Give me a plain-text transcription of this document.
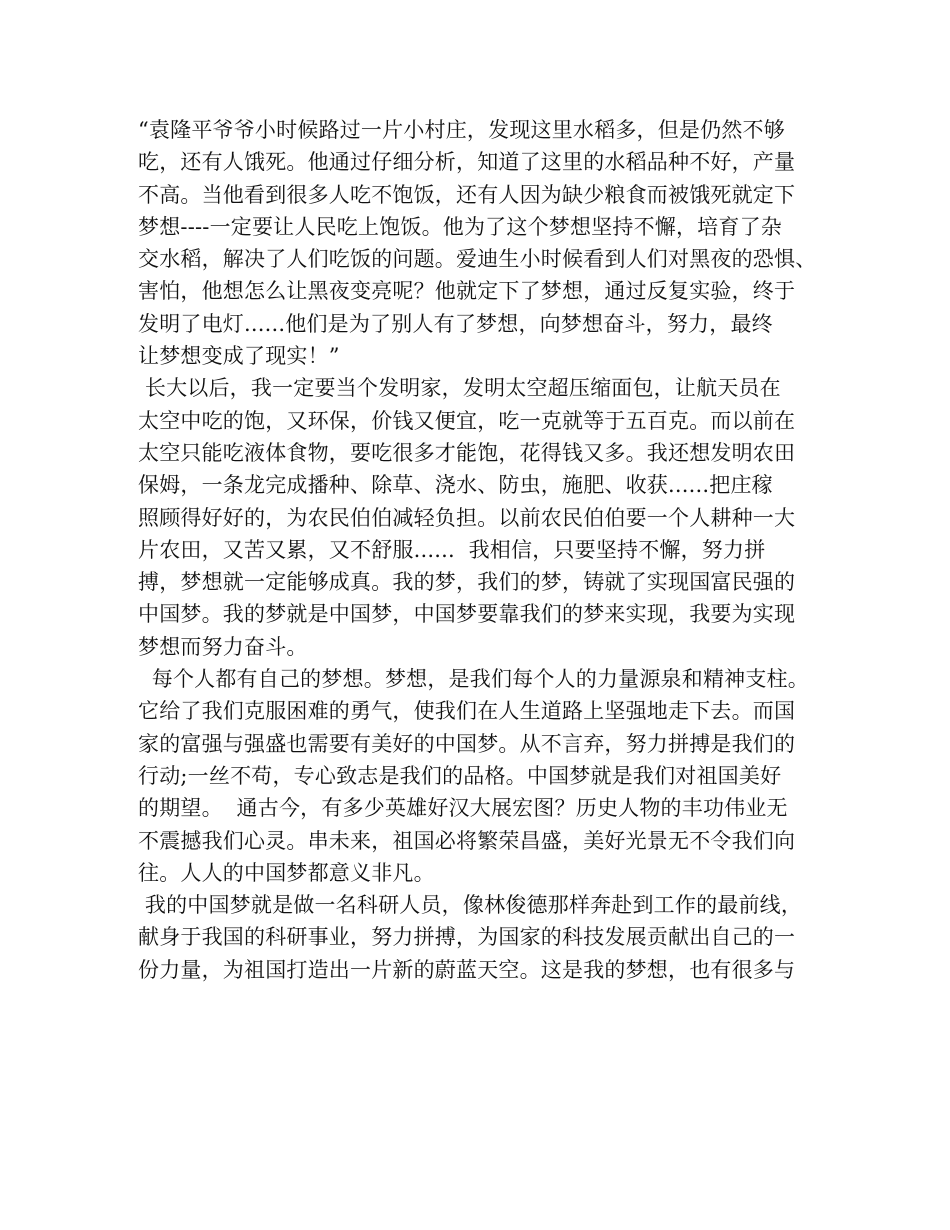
“袁隆平爷爷小时候路过一片小村庄，发现这里水稻多，但是仍然不够
吃，还有人饿死。他通过仔细分析，知道了这里的水稻品种不好，产量
不高。当他看到很多人吃不饱饭，还有人因为缺少粮食而被饿死就定下
梦想----一定要让人民吃上饱饭。他为了这个梦想坚持不懈，培育了杂
交水稻，解决了人们吃饭的问题。爱迪生小时候看到人们对黑夜的恐惧、
害怕，他想怎么让黑夜变亮呢？他就定下了梦想，通过反复实验，终于
发明了电灯......他们是为了别人有了梦想，向梦想奋斗，努力，最终
让梦想变成了现实！”
长大以后，我一定要当个发明家，发明太空超压缩面包，让航天员在
太空中吃的饱，又环保，价钱又便宜，吃一克就等于五百克。而以前在
太空只能吃液体食物，要吃很多才能饱，花得钱又多。我还想发明农田
保姆，一条龙完成播种、除草、浇水、防虫，施肥、收获......把庄稼
照顾得好好的，为农民伯伯减轻负担。以前农民伯伯要一个人耕种一大
片农田，又苦又累，又不舒服......  我相信，只要坚持不懈，努力拼
搏，梦想就一定能够成真。我的梦，我们的梦，铸就了实现国富民强的
中国梦。我的梦就是中国梦，中国梦要靠我们的梦来实现，我要为实现
梦想而努力奋斗。
每个人都有自己的梦想。梦想，是我们每个人的力量源泉和精神支柱。
它给了我们克服困难的勇气，使我们在人生道路上坚强地走下去。而国
家的富强与强盛也需要有美好的中国梦。从不言弃，努力拼搏是我们的
行动;一丝不苟，专心致志是我们的品格。中国梦就是我们对祖国美好
的期望。  通古今，有多少英雄好汉大展宏图？历史人物的丰功伟业无
不震撼我们心灵。串未来，祖国必将繁荣昌盛，美好光景无不令我们向
往。人人的中国梦都意义非凡。
我的中国梦就是做一名科研人员，像林俊德那样奔赴到工作的最前线，
献身于我国的科研事业，努力拼搏，为国家的科技发展贡献出自己的一
份力量，为祖国打造出一片新的蔚蓝天空。这是我的梦想，也有很多与
